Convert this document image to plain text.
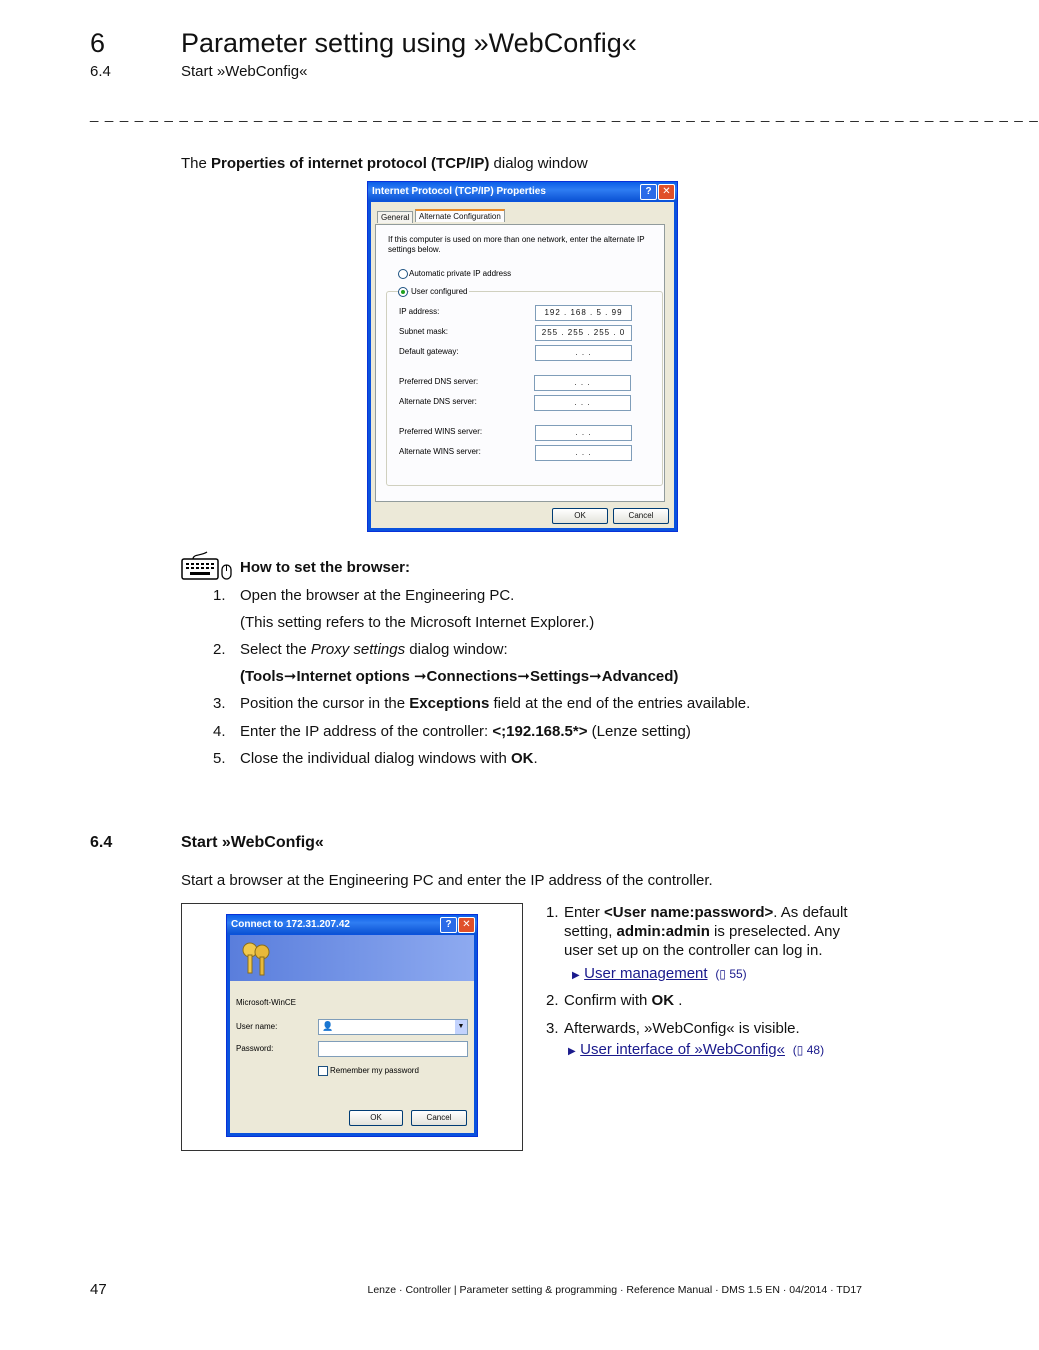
6	Parameter setting using »WebConfig«
6.4	Start »WebConfig«
_ _ _ _ _ _ _ _ _ _ _ _ _ _ _ _ _ _ _ _ _ _ _ _ _ _ _ _ _ _ _ _ _ _ _ _ _ _ _ _ _ _ _ _ _ _ _ _ _ _ _ _ _ _ _ _ _ _ _ _ _ _ _ _
The Properties of internet protocol (TCP/IP) dialog window
Internet Protocol (TCP/IP) Properties	?	✕
General	Alternate Configuration
If this computer is used on more than one network, enter the alternate IP settings below.
Automatic private IP address
User configured
IP address:	192 . 168 . 5 . 99
Subnet mask:	255 . 255 . 255 . 0
Default gateway:	. . .
Preferred DNS server:	. . .
Alternate DNS server:	. . .
Preferred WINS server:	. . .
Alternate WINS server:	. . .
OK	Cancel
How to set the browser:
1. Open the browser at the Engineering PC.
(This setting refers to the Microsoft Internet Explorer.)
2. Select the Proxy settings dialog window:
(Tools➞Internet options ➞Connections➞Settings➞Advanced)
3. Position the cursor in the Exceptions field at the end of the entries available.
4. Enter the IP address of the controller: <;192.168.5*> (Lenze setting)
5. Close the individual dialog windows with OK.
6.4	Start »WebConfig«
Start a browser at the Engineering PC and enter the IP address of the controller.
Connect to 172.31.207.42	?	✕
Microsoft-WinCE
User name:	👤	▼
Password:
Remember my password
OK	Cancel
1. Enter <User name:password>. As default setting, admin:admin is preselected. Any user set up on the controller can log in.
▶ User management  (▯ 55)
2. Confirm with OK .
3. Afterwards, »WebConfig« is visible.
▶ User interface of »WebConfig«  (▯ 48)
47	Lenze · Controller | Parameter setting & programming · Reference Manual · DMS 1.5 EN · 04/2014 · TD17
